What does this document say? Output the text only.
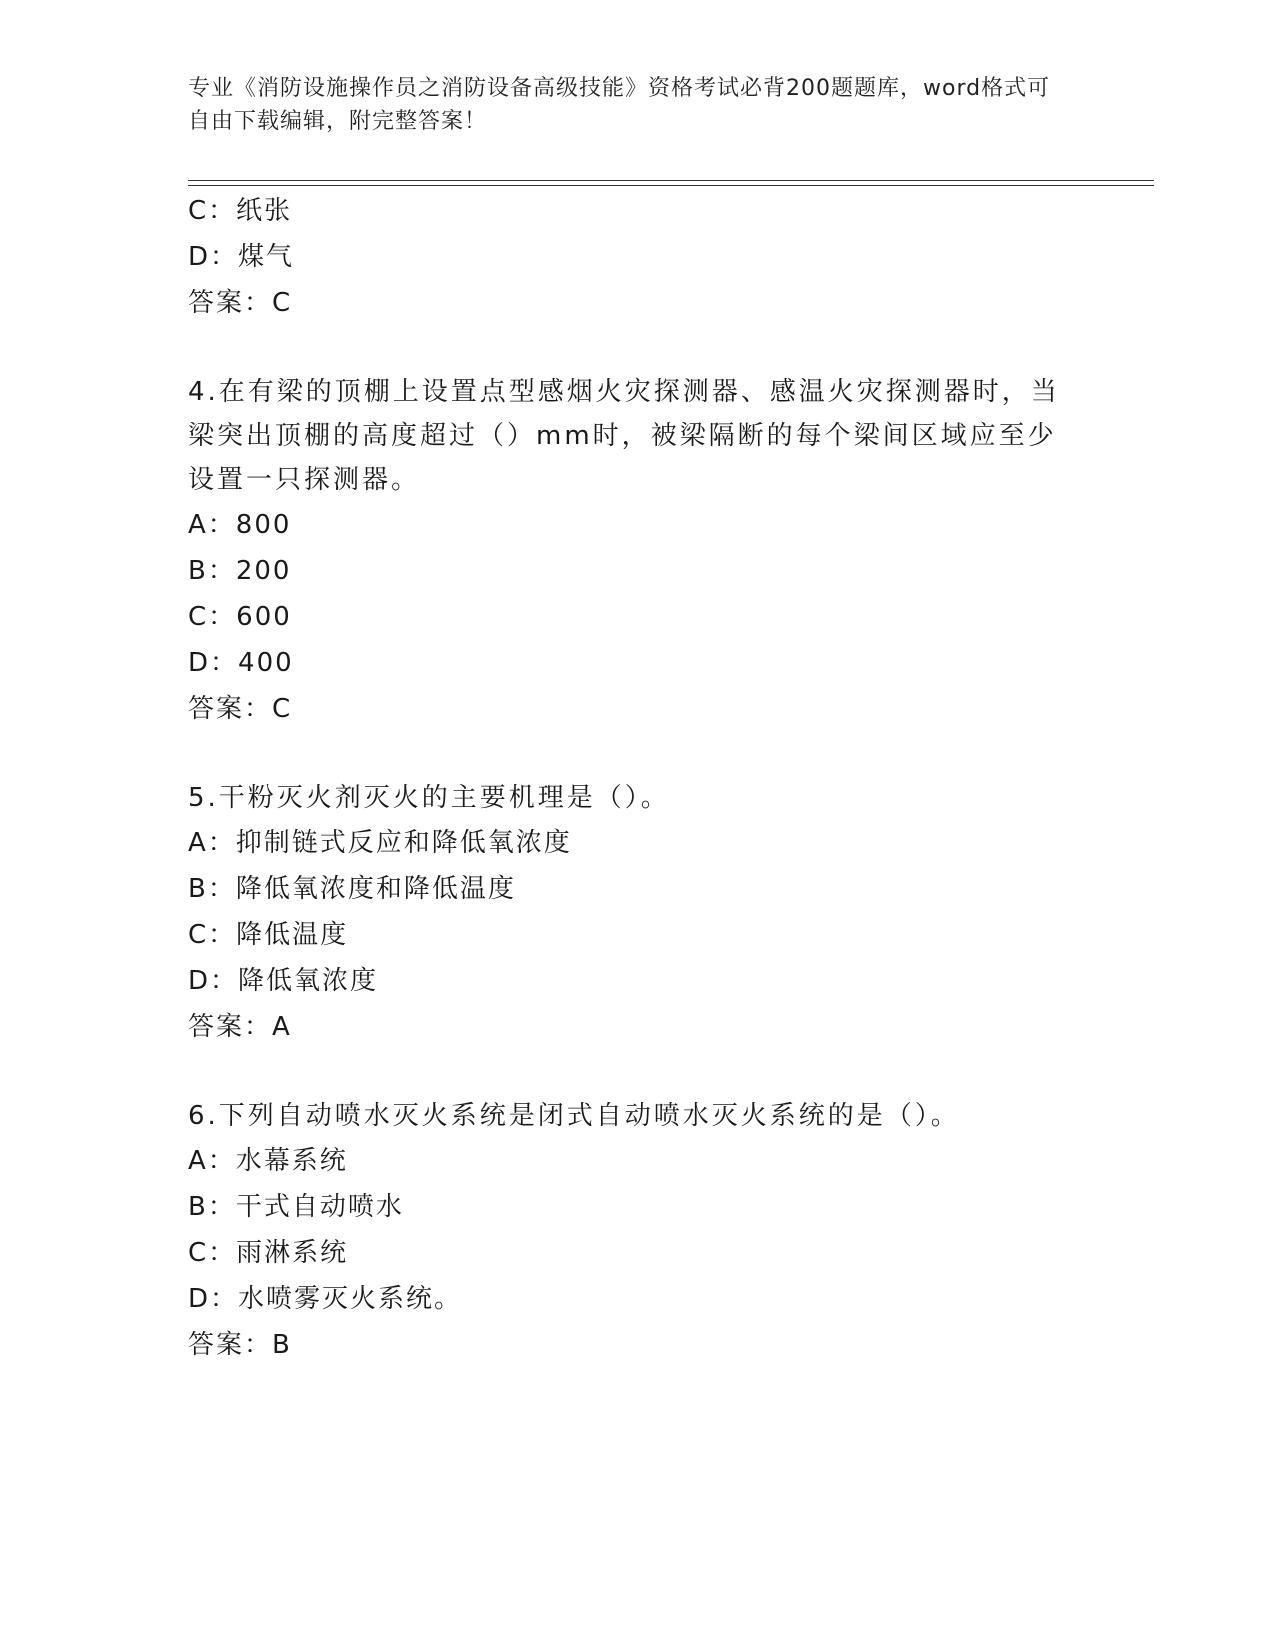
专业《消防设施操作员之消防设备高级技能》资格考试必背200题题库，word格式可自由下载编辑，附完整答案！
C：纸张
D：煤气
答案：C
4.在有梁的顶棚上设置点型感烟火灾探测器、感温火灾探测器时，当梁突出顶棚的高度超过（）mm时，被梁隔断的每个梁间区域应至少设置一只探测器。
A：800
B：200
C：600
D：400
答案：C
5.干粉灭火剂灭火的主要机理是（）。
A：抑制链式反应和降低氧浓度
B：降低氧浓度和降低温度
C：降低温度
D：降低氧浓度
答案：A
6.下列自动喷水灭火系统是闭式自动喷水灭火系统的是（）。
A：水幕系统
B：干式自动喷水
C：雨淋系统
D：水喷雾灭火系统。
答案：B
